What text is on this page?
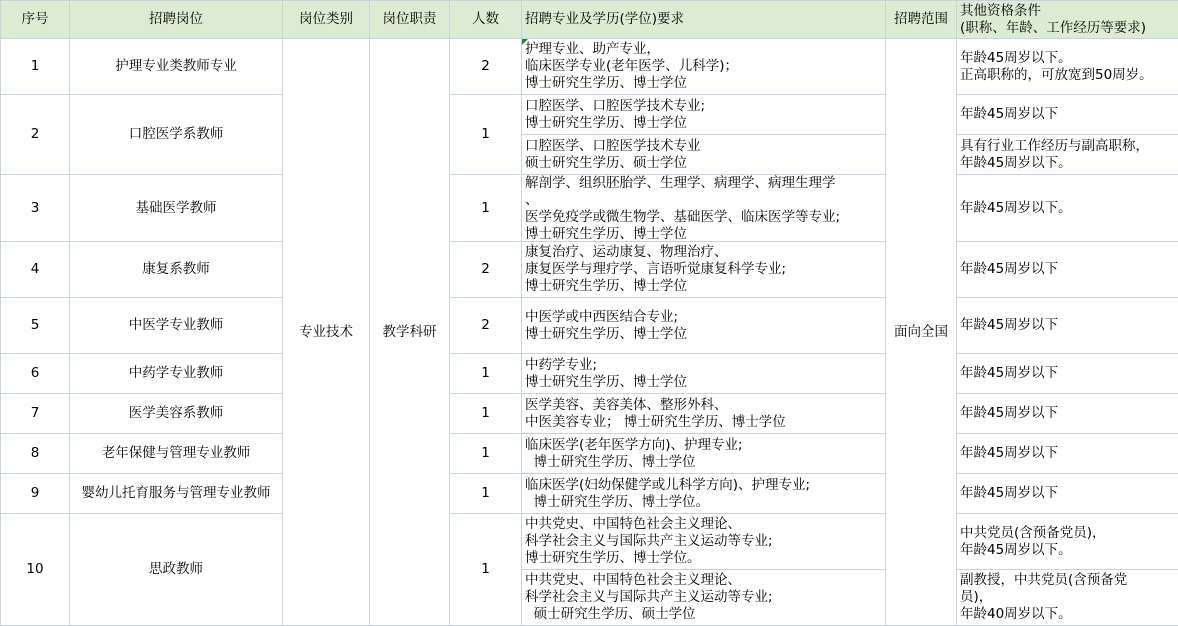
序号	招聘岗位	岗位类别	岗位职责	人数	招聘专业及学历(学位)要求	招聘范围	其他资格条件
(职称、年龄、工作经历等要求)

1	护理专业类教师专业	专业技术	教学科研	2	护理专业、助产专业，
临床医学专业(老年医学、儿科学)；
博士研究生学历、博士学位	面向全国	年龄45周岁以下。
正高职称的，可放宽到50周岁。

2	口腔医学系教师			1	口腔医学、口腔医学技术专业;
博士研究生学历、博士学位		年龄45周岁以下

					口腔医学、口腔医学技术专业
硕士研究生学历、硕士学位		具有行业工作经历与副高职称，
年龄45周岁以下。

3	基础医学教师			1	解剖学、组织胚胎学、生理学、病理学、病理生理学
、
医学免疫学或微生物学、基础医学、临床医学等专业;
博士研究生学历、博士学位		年龄45周岁以下。
4	康复系教师			2	康复治疗、运动康复、物理治疗、
康复医学与理疗学、言语听觉康复科学专业;
博士研究生学历、博士学位		年龄45周岁以下
5	中医学专业教师			2	中医学或中西医结合专业;
博士研究生学历、博士学位		年龄45周岁以下
6	中药学专业教师			1	中药学专业;
博士研究生学历、博士学位		年龄45周岁以下
7	医学美容系教师			1	医学美容、美容美体、整形外科、
中医美容专业； 博士研究生学历、博士学位		年龄45周岁以下
8	老年保健与管理专业教师			1	临床医学(老年医学方向)、护理专业;
博士研究生学历、博士学位		年龄45周岁以下
9	婴幼儿托育服务与管理专业教师			1	临床医学(妇幼保健学或儿科学方向)、护理专业;
博士研究生学历、博士学位。		年龄45周岁以下
10	思政教师			1	中共党史、中国特色社会主义理论、
科学社会主义与国际共产主义运动等专业;
博士研究生学历、博士学位。		中共党员(含预备党员)，
年龄45周岁以下。

					中共党史、中国特色社会主义理论、
科学社会主义与国际共产主义运动等专业;
硕士研究生学历、硕士学位		副教授，中共党员(含预备党
员)，
年龄40周岁以下。
